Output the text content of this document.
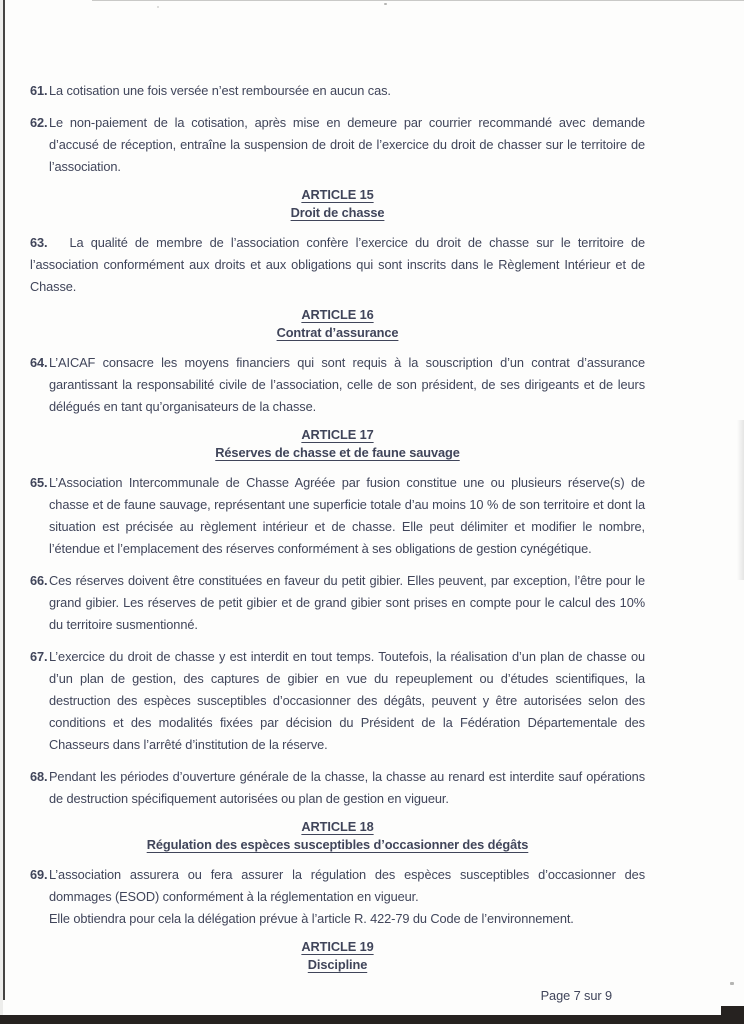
61. La cotisation une fois versée n’est remboursée en aucun cas.

62. Le non-paiement de la cotisation, après mise en demeure par courrier recommandé avec demande d’accusé de réception, entraîne la suspension de droit de l’exercice du droit de chasser sur le territoire de l’association.

ARTICLE 15
Droit de chasse

63. La qualité de membre de l’association confère l’exercice du droit de chasse sur le territoire de l’association conformément aux droits et aux obligations qui sont inscrits dans le Règlement Intérieur et de Chasse.

ARTICLE 16
Contrat d’assurance

64. L’AICAF consacre les moyens financiers qui sont requis à la souscription d’un contrat d’assurance garantissant la responsabilité civile de l’association, celle de son président, de ses dirigeants et de leurs délégués en tant qu’organisateurs de la chasse.

ARTICLE 17
Réserves de chasse et de faune sauvage

65. L’Association Intercommunale de Chasse Agréée par fusion constitue une ou plusieurs réserve(s) de chasse et de faune sauvage, représentant une superficie totale d’au moins 10 % de son territoire et dont la situation est précisée au règlement intérieur et de chasse. Elle peut délimiter et modifier le nombre, l’étendue et l’emplacement des réserves conformément à ses obligations de gestion cynégétique.

66. Ces réserves doivent être constituées en faveur du petit gibier. Elles peuvent, par exception, l’être pour le grand gibier. Les réserves de petit gibier et de grand gibier sont prises en compte pour le calcul des 10% du territoire susmentionné.

67. L’exercice du droit de chasse y est interdit en tout temps. Toutefois, la réalisation d’un plan de chasse ou d’un plan de gestion, des captures de gibier en vue du repeuplement ou d’études scientifiques, la destruction des espèces susceptibles d’occasionner des dégâts, peuvent y être autorisées selon des conditions et des modalités fixées par décision du Président de la Fédération Départementale des Chasseurs dans l’arrêté d’institution de la réserve.

68. Pendant les périodes d’ouverture générale de la chasse, la chasse au renard est interdite sauf opérations de destruction spécifiquement autorisées ou plan de gestion en vigueur.

ARTICLE 18
Régulation des espèces susceptibles d’occasionner des dégâts

69. L’association assurera ou fera assurer la régulation des espèces susceptibles d’occasionner des dommages (ESOD) conformément à la réglementation en vigueur.

Elle obtiendra pour cela la délégation prévue à l’article R. 422-79 du Code de l’environnement.

ARTICLE 19
Discipline
Page 7 sur 9
